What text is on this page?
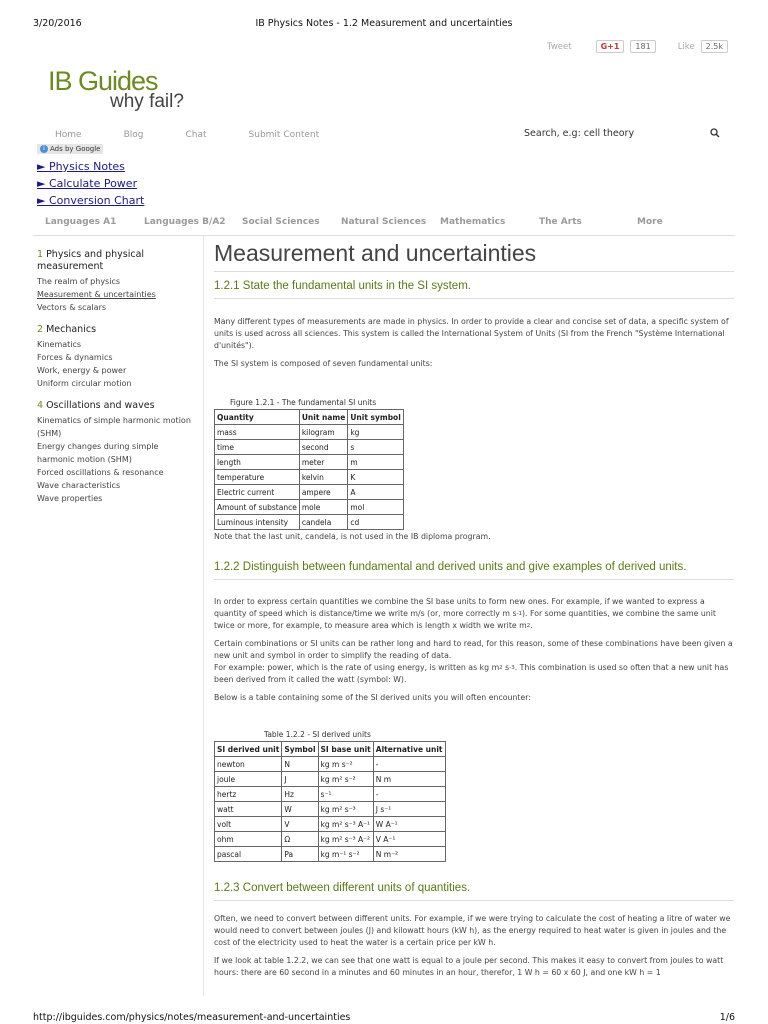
3/20/2016	IB Physics Notes - 1.2 Measurement and uncertainties
Tweet	G+1	181	Like	2.5k
IB Guides
why fail?
Home	Blog	Chat	Submit Content	Search, e.g: cell theory
i Ads by Google
► Physics Notes
► Calculate Power
► Conversion Chart
Languages A1	Languages B/A2 Social Sciences Natural Sciences Mathematics	The Arts	More
1 Physics and physical measurement
The realm of physics
Measurement & uncertainties
Vectors & scalars
2 Mechanics
Kinematics
Forces & dynamics
Work, energy & power
Uniform circular motion
4 Oscillations and waves
Kinematics of simple harmonic motion (SHM)
Energy changes during simple harmonic motion (SHM)
Forced oscillations & resonance
Wave characteristics
Wave properties
Measurement and uncertainties
1.2.1 State the fundamental units in the SI system.

Many different types of measurements are made in physics. In order to provide a clear and concise set of data, a specific system of units is used across all sciences. This system is called the International System of Units (SI from the French "Système International d'unités").

The SI system is composed of seven fundamental units:

Figure 1.2.1 - The fundamental SI units
Quantity	Unit name	Unit symbol
mass	kilogram	kg
time	second	s
length	meter	m
temperature	kelvin	K
Electric current	ampere	A
Amount of substance	mole	mol
Luminous intensity	candela	cd

Note that the last unit, candela, is not used in the IB diploma program.

1.2.2 Distinguish between fundamental and derived units and give examples of derived units.

In order to express certain quantities we combine the SI base units to form new ones. For example, if we wanted to express a quantity of speed which is distance/time we write m/s (or, more correctly m $s^{-1}$). For some quantities, we combine the same unit twice or more, for example, to measure area which is length x width we write $m^2$.

Certain combinations or SI units can be rather long and hard to read, for this reason, some of these combinations have been given a new unit and symbol in order to simplify the reading of data.

For example: power, which is the rate of using energy, is written as kg $m^2$ $s^{-3}$. This combination is used so often that a new unit has been derived from it called the watt (symbol: W).

Below is a table containing some of the SI derived units you will often encounter:

Table 1.2.2 - SI derived units
SI derived unit	Symbol	SI base unit	Alternative unit
newton	N	kg m s⁻²	-
joule	J	kg m² s⁻²	N m
hertz	Hz	s⁻¹	-
watt	W	kg m² s⁻³	J s⁻¹
volt	V	kg m² s⁻³ A⁻¹	W A⁻¹
ohm	Ω	kg m² s⁻³ A⁻²	V A⁻¹
pascal	Pa	kg m⁻¹ s⁻²	N m⁻²
1.2.3 Convert between different units of quantities.

Often, we need to convert between different units. For example, if we were trying to calculate the cost of heating a litre of water we would need to convert between joules (J) and kilowatt hours (kW h), as the energy required to heat water is given in joules and the cost of the electricity used to heat the water is a certain price per kW h.

If we look at table 1.2.2, we can see that one watt is equal to a joule per second. This makes it easy to convert from joules to watt hours: there are 60 second in a minutes and 60 minutes in an hour, therefor, 1 W h = 60 x 60 J, and one kW h = 1

http://ibguides.com/physics/notes/measurement-and-uncertainties	1/6
